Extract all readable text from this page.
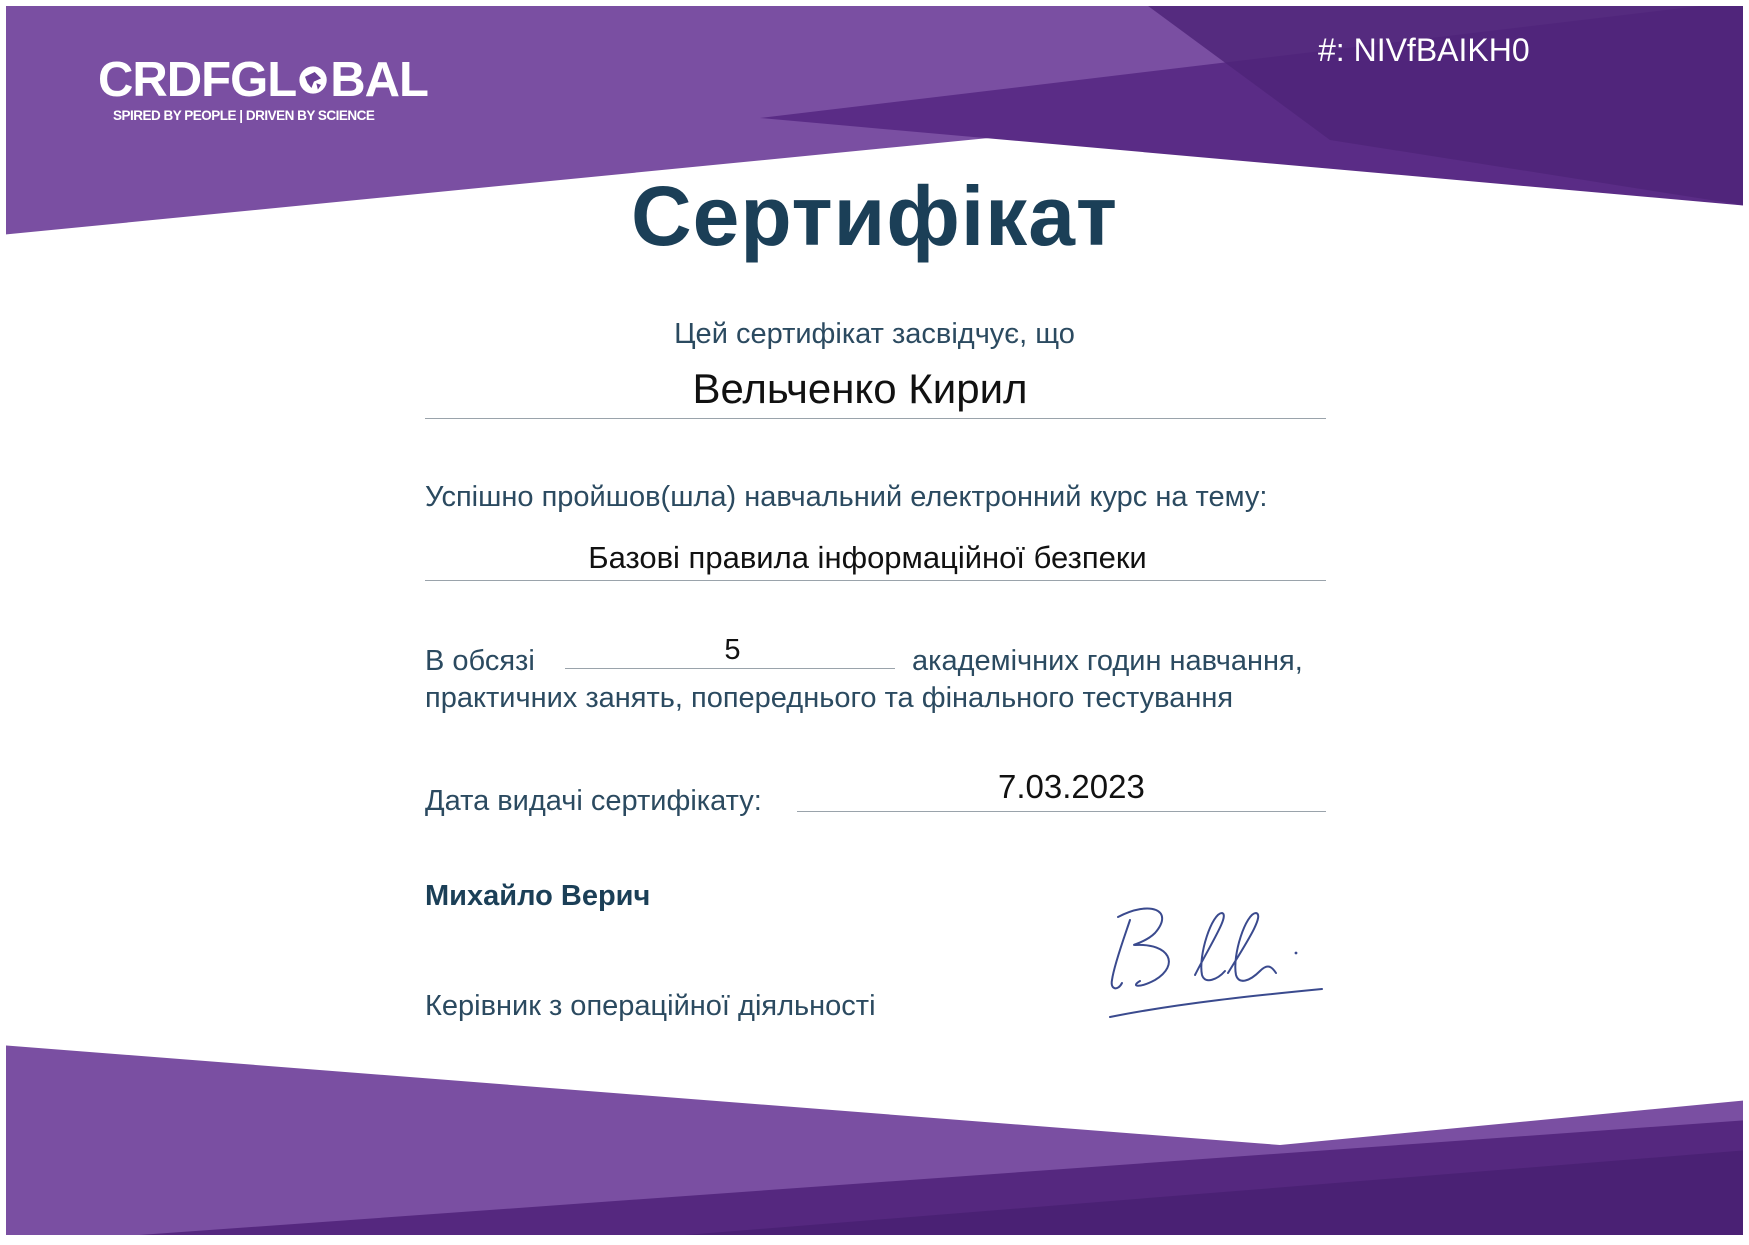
CRDFGL BAL
SPIRED BY PEOPLE | DRIVEN BY SCIENCE
#: NIVfBAIKH0
Сертифікат
Цей сертифікат засвідчує, що
Вельченко Кирил
Успішно пройшов(шла) навчальний електронний курс на тему:
Базові правила інформаційної безпеки
В обсязі	5	академічних годин навчання,
практичних занять, попереднього та фінального тестування
Дата видачі сертифікату:	7.03.2023
Михайло Верич
Керівник з операційної діяльності
